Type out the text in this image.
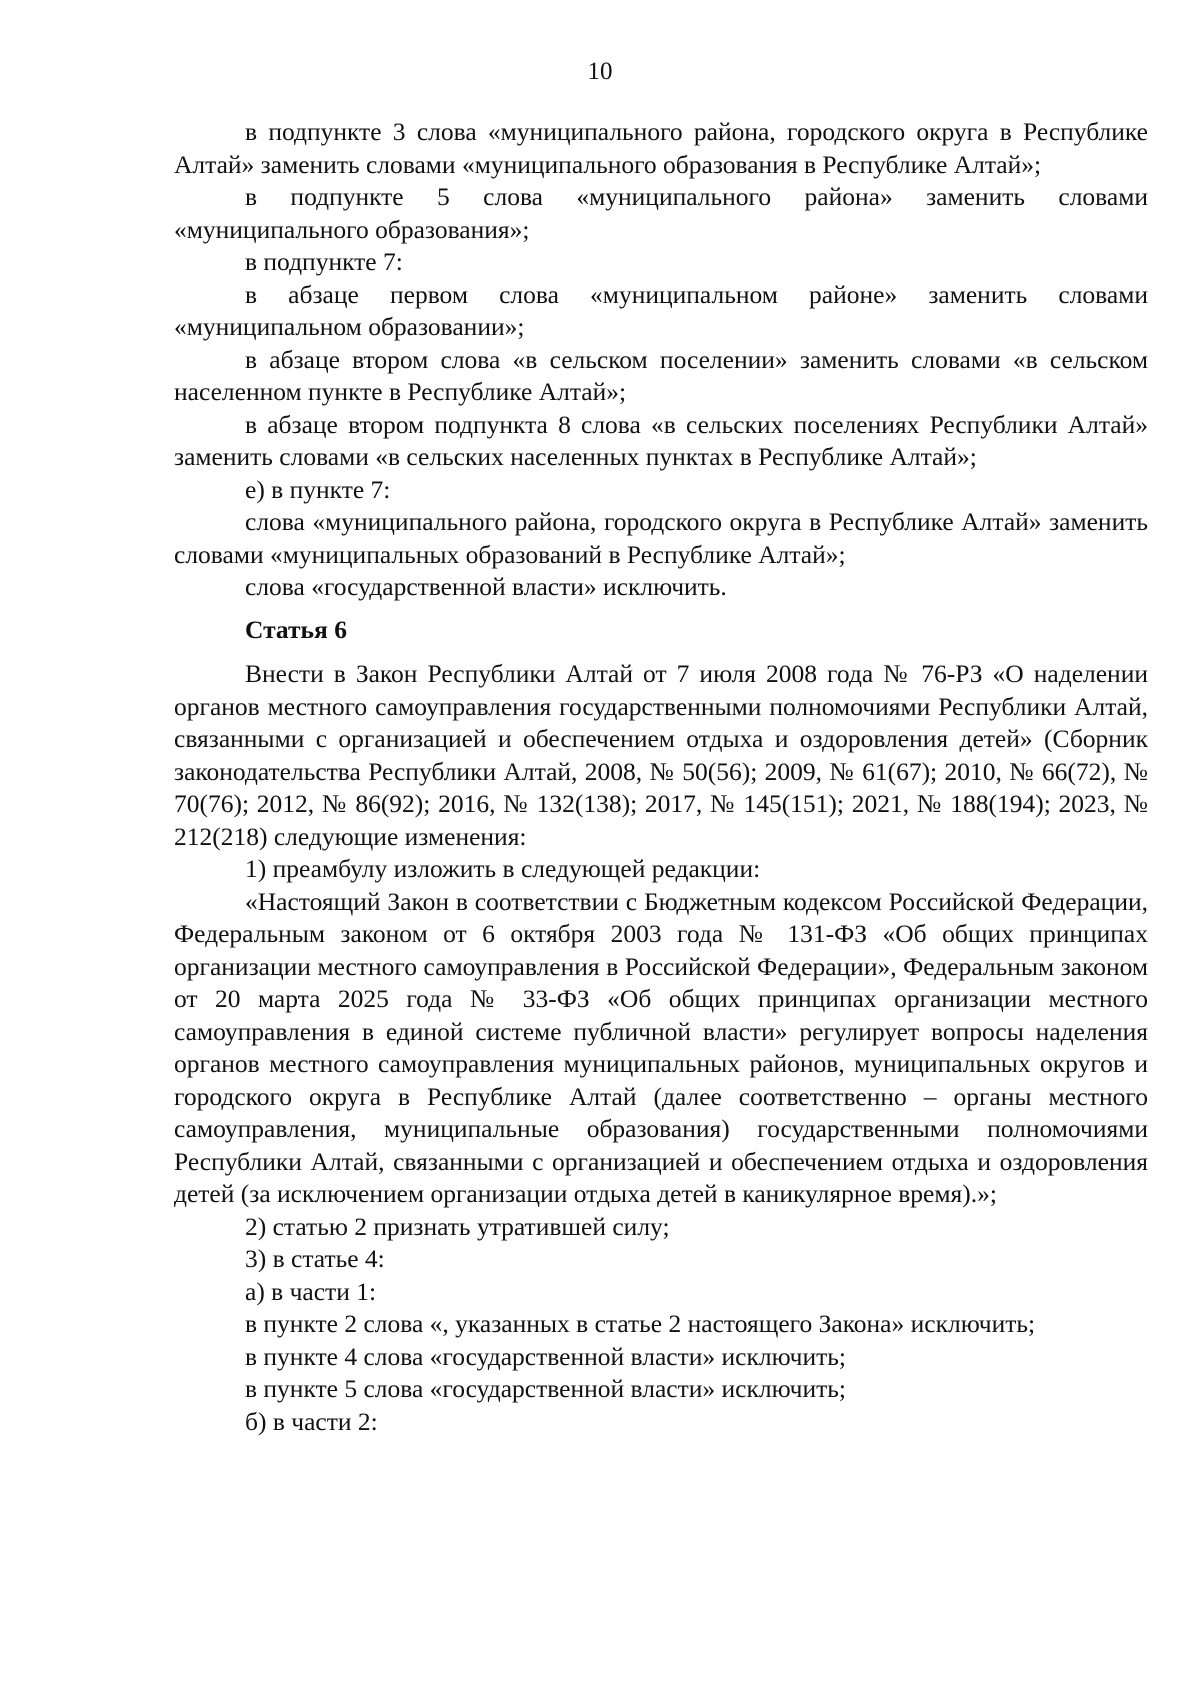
10

в подпункте 3 слова «муниципального района, городского округа в Республике Алтай» заменить словами «муниципального образования в Республике Алтай»;

в подпункте 5 слова «муниципального района» заменить словами «муниципального образования»;

в подпункте 7:

в абзаце первом слова «муниципальном районе» заменить словами «муниципальном образовании»;

в абзаце втором слова «в сельском поселении» заменить словами «в сельском населенном пункте в Республике Алтай»;

в абзаце втором подпункта 8 слова «в сельских поселениях Республики Алтай» заменить словами «в сельских населенных пунктах в Республике Алтай»;

е) в пункте 7:

слова «муниципального района, городского округа в Республике Алтай» заменить словами «муниципальных образований в Республике Алтай»;

слова «государственной власти» исключить.

Статья 6

Внести в Закон Республики Алтай от 7 июля 2008 года № 76-РЗ «О наделении органов местного самоуправления государственными полномочиями Республики Алтай, связанными с организацией и обеспечением отдыха и оздоровления детей» (Сборник законодательства Республики Алтай, 2008, № 50(56); 2009, № 61(67); 2010, № 66(72), № 70(76); 2012, № 86(92); 2016, № 132(138); 2017, № 145(151); 2021, № 188(194); 2023, № 212(218) следующие изменения:

1) преамбулу изложить в следующей редакции:

«Настоящий Закон в соответствии с Бюджетным кодексом Российской Федерации, Федеральным законом от 6 октября 2003 года № 131-ФЗ «Об общих принципах организации местного самоуправления в Российской Федерации», Федеральным законом от 20 марта 2025 года № 33-ФЗ «Об общих принципах организации местного самоуправления в единой системе публичной власти» регулирует вопросы наделения органов местного самоуправления муниципальных районов, муниципальных округов и городского округа в Республике Алтай (далее соответственно – органы местного самоуправления, муниципальные образования) государственными полномочиями Республики Алтай, связанными с организацией и обеспечением отдыха и оздоровления детей (за исключением организации отдыха детей в каникулярное время).»;

2) статью 2 признать утратившей силу;

3) в статье 4:

а) в части 1:

в пункте 2 слова «, указанных в статье 2 настоящего Закона» исключить;

в пункте 4 слова «государственной власти» исключить;

в пункте 5 слова «государственной власти» исключить;

б) в части 2:
